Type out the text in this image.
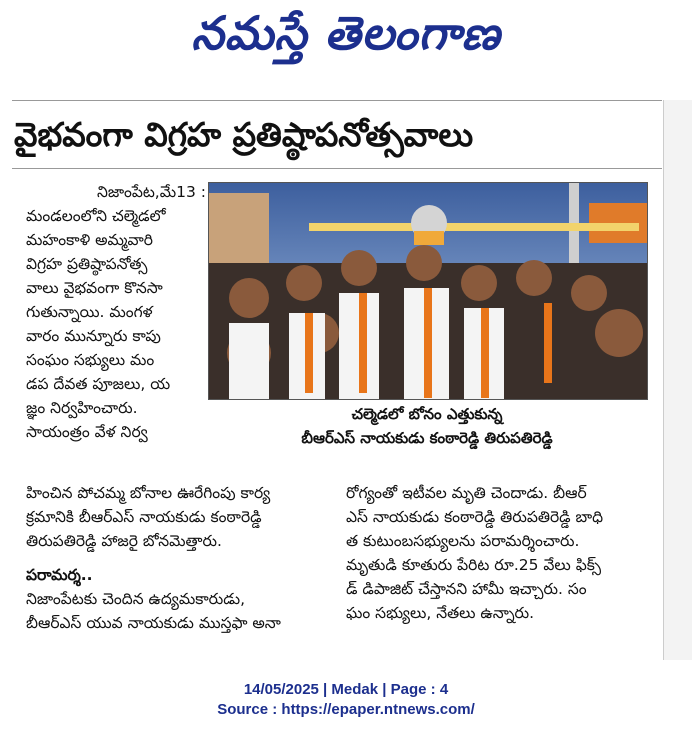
నమస్తే తెలంగాణ
వైభవంగా విగ్రహ ప్రతిష్ఠాపనోత్సవాలు

నిజాంపేట,మే13 :

మండలంలోని చల్మెడలో

మహంకాళి అమ్మవారి

విగ్రహ ప్రతిష్ఠాపనోత్స

వాలు వైభవంగా కొనసా

గుతున్నాయి. మంగళ

వారం మున్నూరు కాపు

సంఘం సభ్యులు మం

డప దేవత పూజలు, య

జ్ఞం నిర్వహించారు.

సాయంత్రం వేళ నిర్వ

చల్మెడలో బోనం ఎత్తుకున్న
బీఆర్ఎస్ నాయకుడు కంఠారెడ్డి తిరుపతిరెడ్డి
హించిన పోచమ్మ బోనాల ఊరేగింపు కార్య
క్రమానికి బీఆర్ఎస్ నాయకుడు కంఠారెడ్డి
తిరుపతిరెడ్డి హాజరై బోనమెత్తారు.
పరామర్శ..
నిజాంపేటకు చెందిన ఉద్యమకారుడు,
బీఆర్ఎస్ యువ నాయకుడు ముస్తఫా అనా
రోగ్యంతో ఇటీవల మృతి చెందాడు. బీఆర్
ఎస్ నాయకుడు కంఠారెడ్డి తిరుపతిరెడ్డి బాధి
త కుటుంబసభ్యులను పరామర్శించారు.
మృతుడి కూతురు పేరిట రూ.25 వేలు ఫిక్స్
డ్ డిపాజిట్ చేస్తానని హామీ ఇచ్చారు. సం
ఘం సభ్యులు, నేతలు ఉన్నారు.
14/05/2025 | Medak | Page : 4
Source : https://epaper.ntnews.com/
